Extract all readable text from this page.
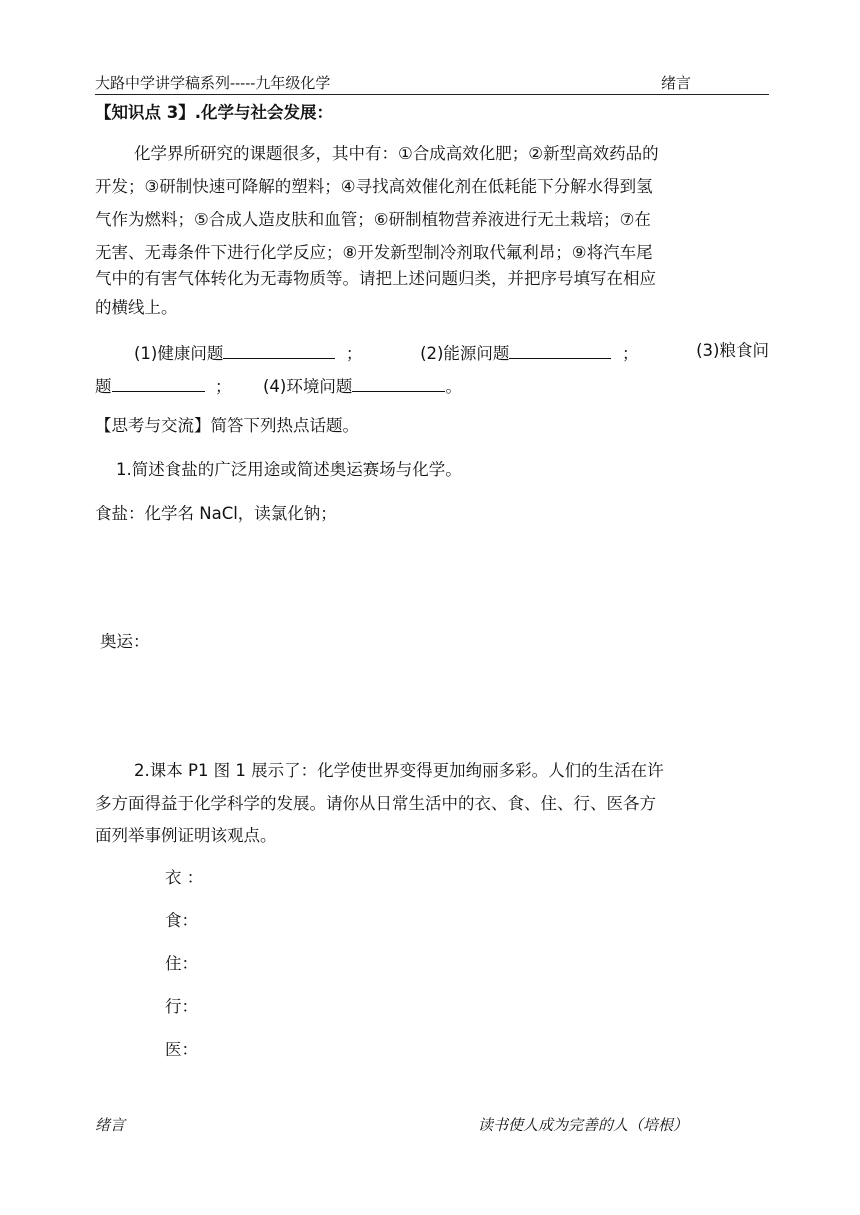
大路中学讲学稿系列-----九年级化学	绪言
【知识点 3】.化学与社会发展：
化学界所研究的课题很多，其中有：①合成高效化肥；②新型高效药品的
开发；③研制快速可降解的塑料；④寻找高效催化剂在低耗能下分解水得到氢
气作为燃料；⑤合成人造皮肤和血管；⑥研制植物营养液进行无土栽培；⑦在
无害、无毒条件下进行化学反应；⑧开发新型制冷剂取代氟利昂；⑨将汽车尾
气中的有害气体转化为无毒物质等。请把上述问题归类，并把序号填写在相应
的横线上。
(1)健康问题	；	(2)能源问题	；	(3)粮食问
题	； (4)环境问题	。
【思考与交流】简答下列热点话题。
1.简述食盐的广泛用途或简述奥运赛场与化学。
食盐：化学名 NaCl，读氯化钠；
奥运：
2.课本 P1 图 1 展示了：化学使世界变得更加绚丽多彩。人们的生活在许
多方面得益于化学科学的发展。请你从日常生活中的衣、食、住、行、医各方
面列举事例证明该观点。
衣 ：
食：
住：
行：
医：
绪言	读书使人成为完善的人（培根）
